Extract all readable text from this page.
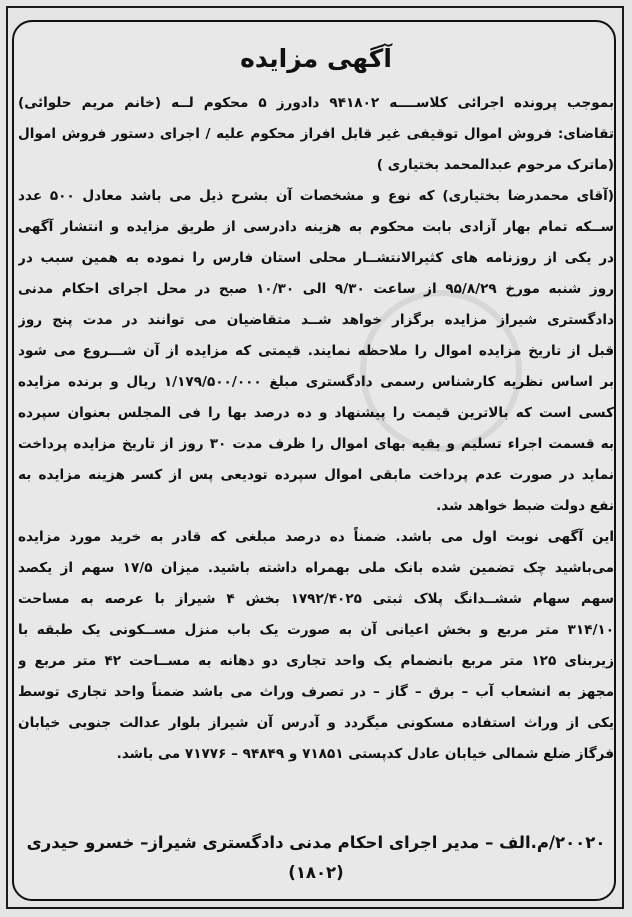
آگهی مزایده
بموجب پرونده اجرائی کلاســــه ۹۴۱۸۰۲ دادورز ۵ محکوم لــه (خانم مریم حلوائی)
تقاضای: فروش اموال توقیفی غیر قابل افراز محکوم علیه / اجرای دستور فروش اموال
(ماترک مرحوم عبدالمحمد بختیاری )
(آقای محمدرضا بختیاری) که نوع و مشخصات آن بشرح ذیل می باشد معادل ۵۰۰ عدد
ســکه تمام بهار آزادی بابت محکوم به هزینه دادرسی از طریق مزایده و انتشار آگهی
در یکی از روزنامه های کثیرالانتشــار محلی استان فارس را نموده به همین سبب در
روز شنبه مورخ ۹۵/۸/۲۹ از ساعت ۹/۳۰ الی ۱۰/۳۰ صبح در محل اجرای احکام مدنی
دادگستری شیراز مزایده برگزار خواهد شــد متقاضیان می توانند در مدت پنج روز
قبل از تاریخ مزایده اموال را ملاحظه نمایند. قیمتی که مزایده از آن شـــروع می شود
بر اساس نظریه کارشناس رسمی دادگستری مبلغ ۱/۱۷۹/۵۰۰/۰۰۰ ریال و برنده مزایده
کسی است که بالاترین قیمت را پیشنهاد و ده درصد بها را فی المجلس بعنوان سپرده
به قسمت اجراء تسلیم و بقیه بهای اموال را ظرف مدت ۳۰ روز از تاریخ مزایده پرداخت
نماید در صورت عدم پرداخت مابقی اموال سپرده تودیعی پس از کسر هزینه مزایده به
نفع دولت ضبط خواهد شد.
این آگهی نوبت اول می باشد. ضمناً ده درصد مبلغی که قادر به خرید مورد مزایده
می‌باشید چک تضمین شده بانک ملی بهمراه داشته باشید. میزان ۱۷/۵ سهم از یکصد
سهم سهام ششــدانگ پلاک ثبتی ۱۷۹۲/۴۰۲۵ بخش ۴ شیراز با عرصه به مساحت
۳۱۴/۱۰ متر مربع و بخش اعیانی آن به صورت یک باب منزل مســکونی یک طبقه با
زیربنای ۱۲۵ متر مربع بانضمام یک واحد تجاری دو دهانه به مســاحت ۴۲ متر مربع و
مجهز به انشعاب آب – برق – گاز – در تصرف وراث می باشد ضمناً واحد تجاری توسط
یکی از وراث استفاده مسکونی میگردد و آدرس آن شیراز بلوار عدالت جنوبی خیابان
فرگاز ضلع شمالی خیابان عادل کدپستی ۷۱۸۵۱ و ۹۴۸۴۹ – ۷۱۷۷۶ می باشد.
۲۰۰۲۰/م.الف – مدیر اجرای احکام مدنی دادگستری شیراز– خسرو حیدری
(۱۸۰۲)
